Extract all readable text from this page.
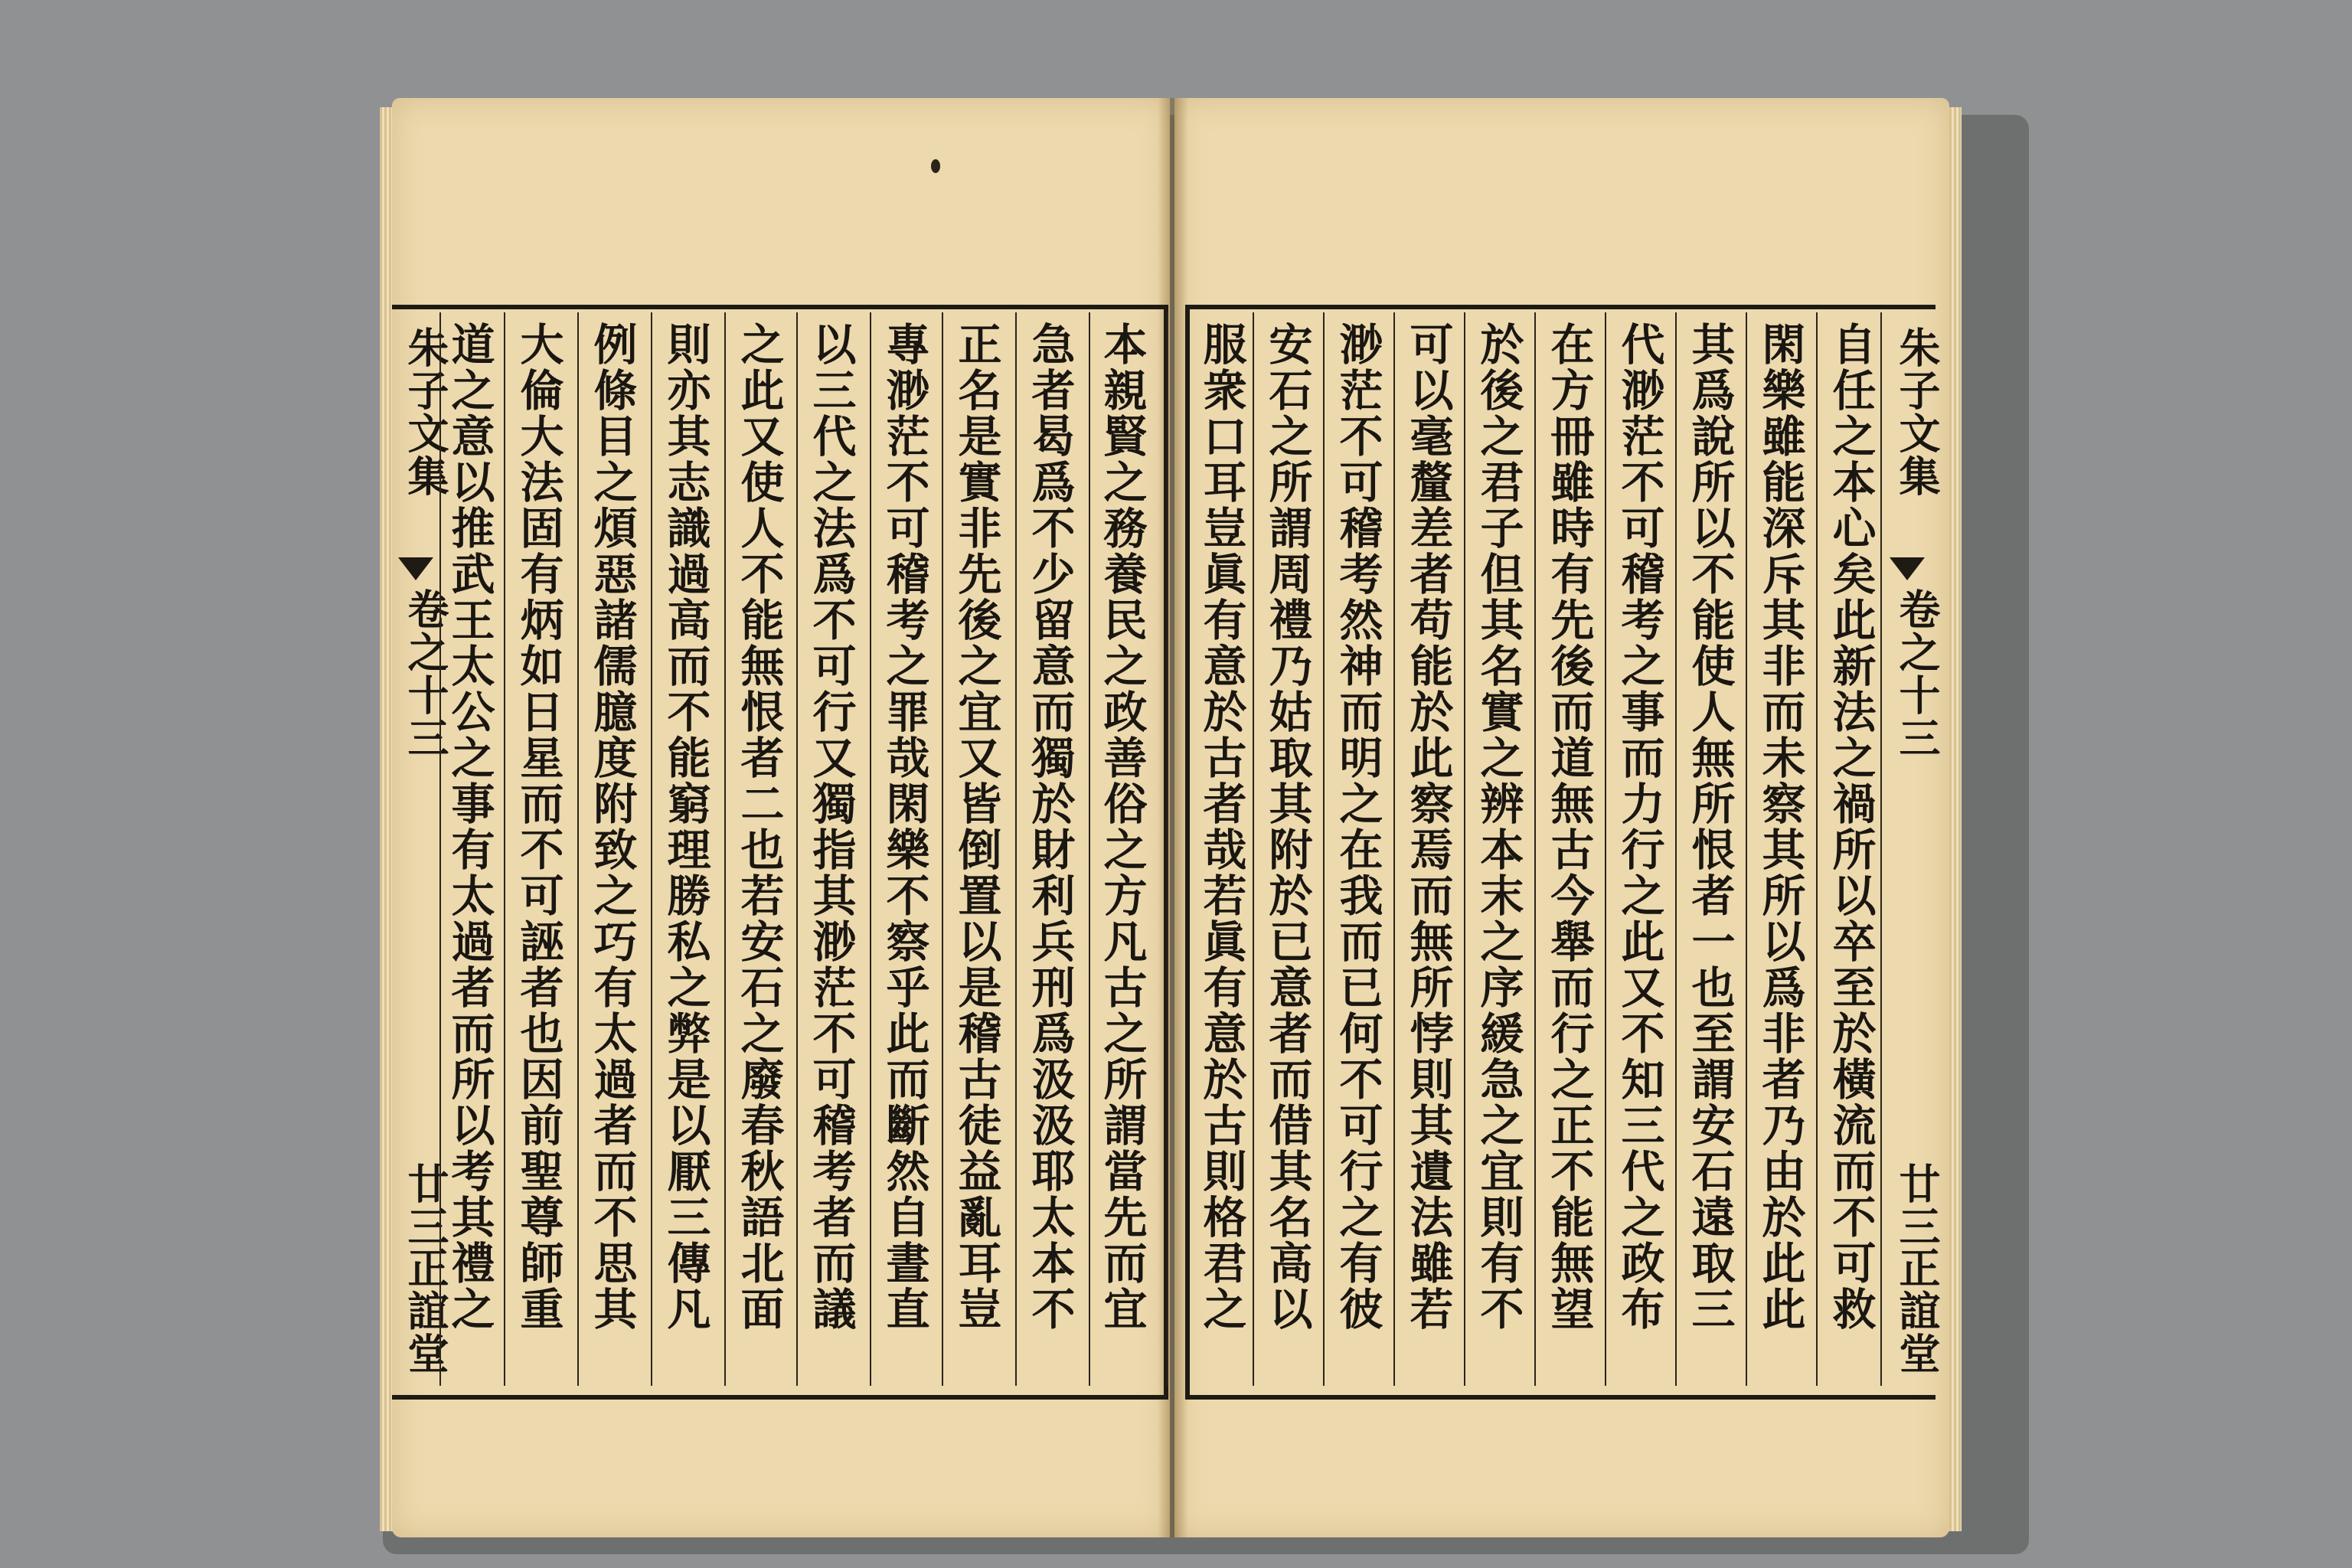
朱子文集
卷之十三
廿三
正誼堂	本親賢之務養民之政善俗之方凡古之所謂當先而宜
急者曷爲不少留意而獨於財利兵刑爲汲汲耶太本不
正名是實非先後之宜又皆倒置以是稽古徒益亂耳豈
專渺茫不可稽考之罪哉閑樂不察乎此而斷然自晝直
以三代之法爲不可行又獨指其渺茫不可稽考者而議
之此又使人不能無恨者二也若安石之廢春秋語北面
則亦其志識過高而不能窮理勝私之弊是以厭三傳凡
例條目之煩惡諸儒臆度附致之巧有太過者而不思其
大倫大法固有炳如日星而不可誣者也因前聖尊師重
道之意以推武王太公之事有太過者而所以考其禮之	朱子文集
卷之十三
廿三
正誼堂
自任之本心矣此新法之禍所以卒至於橫流而不可救
閑樂雖能深斥其非而未察其所以爲非者乃由於此此
其爲說所以不能使人無所恨者一也至謂安石遠取三
代渺茫不可稽考之事而力行之此又不知三代之政布
在方冊雖時有先後而道無古今舉而行之正不能無望
於後之君子但其名實之辨本末之序緩急之宜則有不
可以毫釐差者苟能於此察焉而無所悖則其遺法雖若
渺茫不可稽考然神而明之在我而已何不可行之有彼
安石之所謂周禮乃姑取其附於已意者而借其名高以
服衆口耳豈眞有意於古者哉若眞有意於古則格君之
